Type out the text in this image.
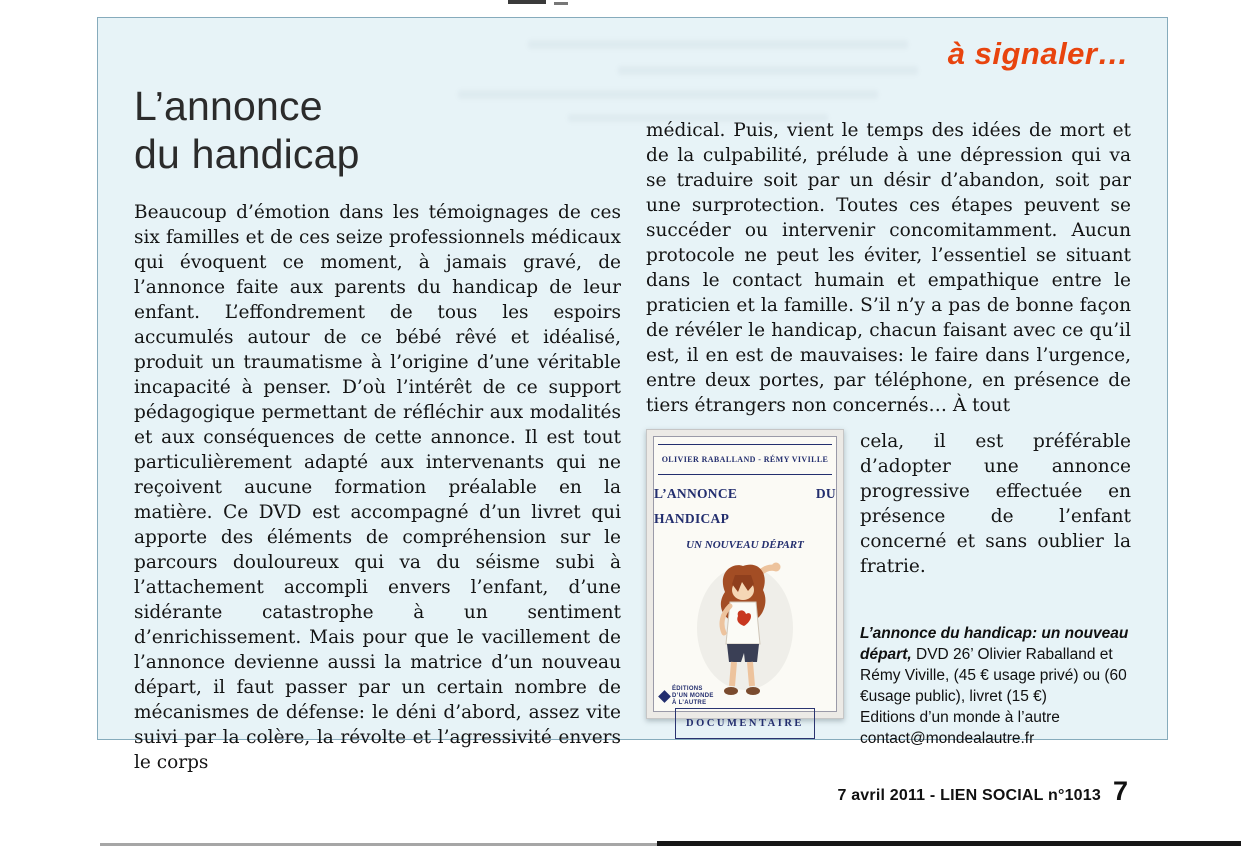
à signaler…
L’annonce
du handicap

Beaucoup d’émotion dans les témoignages de ces six familles et de ces seize professionnels médicaux qui évoquent ce moment, à jamais gravé, de l’annonce faite aux parents du handicap de leur enfant. L’effondrement de tous les espoirs accumulés autour de ce bébé rêvé et idéalisé, produit un traumatisme à l’origine d’une véritable incapacité à penser. D’où l’intérêt de ce support pédagogique permettant de réfléchir aux modalités et aux conséquences de cette annonce. Il est tout particulièrement adapté aux intervenants qui ne reçoivent aucune formation préalable en la matière. Ce DVD est accompagné d’un livret qui apporte des éléments de compréhension sur le parcours douloureux qui va du séisme subi à l’attachement accompli envers l’enfant, d’une sidérante catastrophe à un sentiment d’enrichissement. Mais pour que le vacillement de l’annonce devienne aussi la matrice d’un nouveau départ, il faut passer par un certain nombre de mécanismes de défense: le déni d’abord, assez vite suivi par la colère, la révolte et l’agressivité envers le corps

médical. Puis, vient le temps des idées de mort et de la culpabilité, prélude à une dépression qui va se traduire soit par un désir d’abandon, soit par une surprotection. Toutes ces étapes peuvent se succéder ou intervenir concomitamment. Aucun protocole ne peut les éviter, l’essentiel se situant dans le contact humain et empathique entre le praticien et la famille. S’il n’y a pas de bonne façon de révéler le handicap, chacun faisant avec ce qu’il est, il en est de mauvaises: le faire dans l’urgence, entre deux portes, par téléphone, en présence de tiers étrangers non concernés… À tout

OLIVIER RABALLAND - RÉMY VIVILLE
L’ANNONCE DU HANDICAP
UN NOUVEAU DÉPART
DOCUMENTAIRE
ÉDITIONS
D’UN MONDE
À L’AUTRE

cela, il est préférable d’adopter une annonce progressive effectuée en présence de l’enfant concerné et sans oublier la fratrie.

L’annonce du handicap: un nouveau départ, DVD 26’ Olivier Raballand et Rémy Viville, (45 € usage privé) ou (60 €usage public), livret (15 €)

Editions d’un monde à l’autre

contact@mondealautre.fr

7 avril 2011 - LIEN SOCIAL n°1013 7
